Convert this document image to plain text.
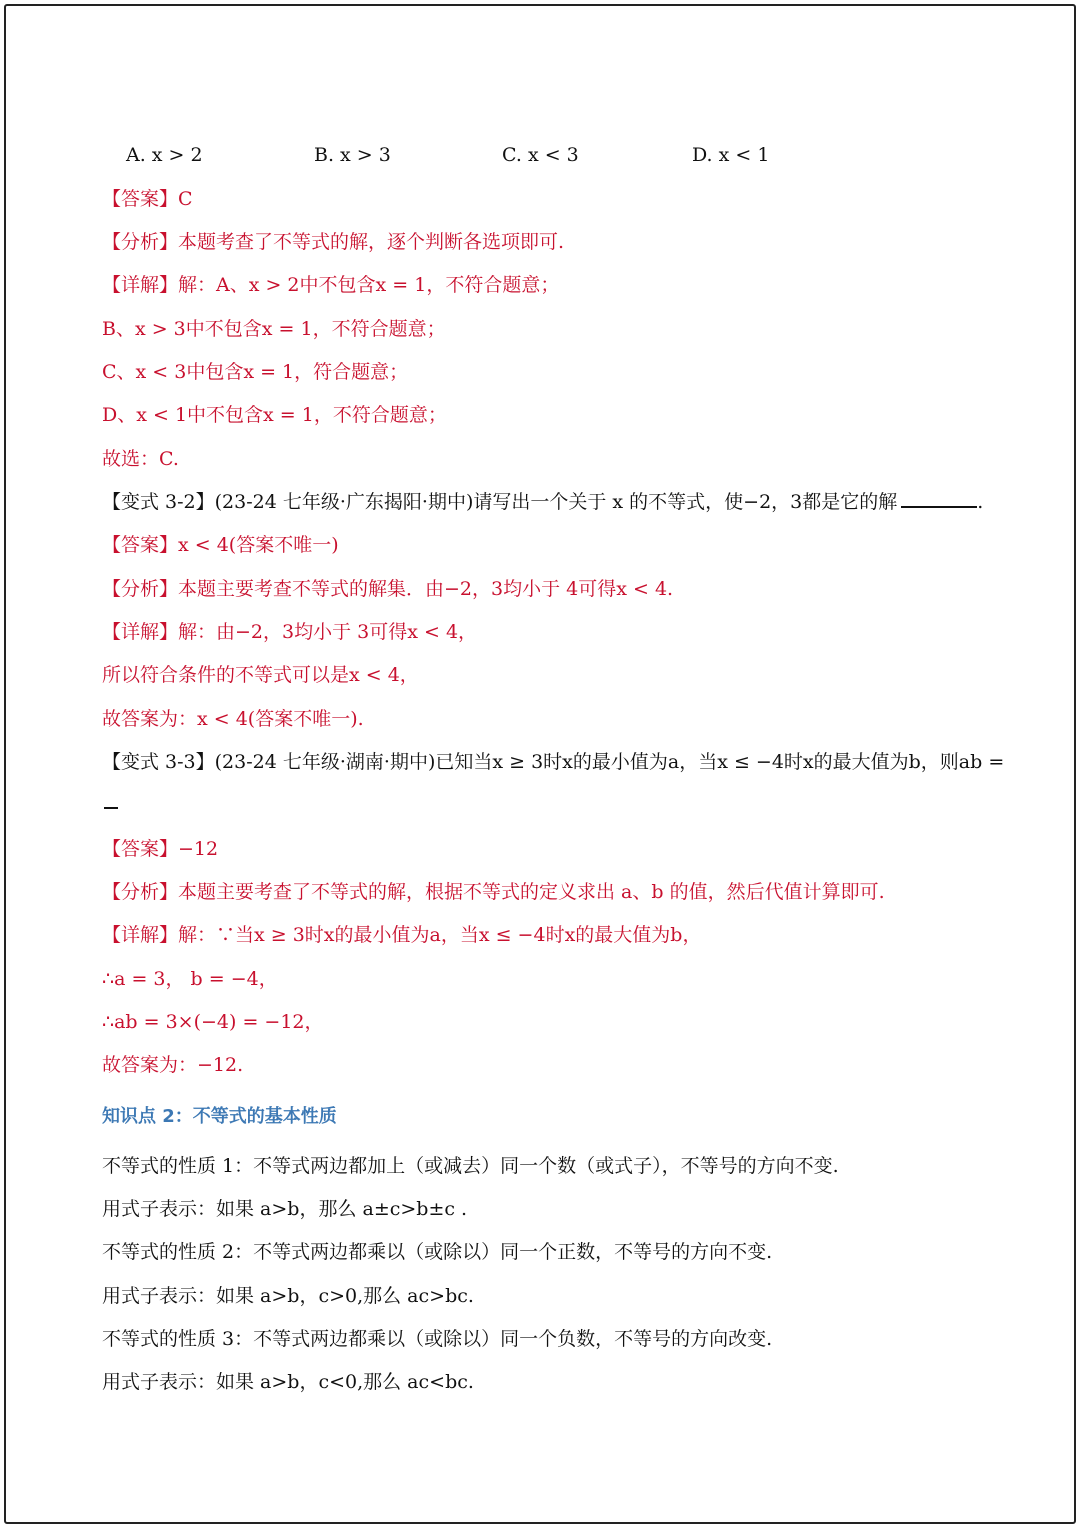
A. x > 2	B. x > 3	C. x < 3	D. x < 1
【答案】C
【分析】本题考查了不等式的解，逐个判断各选项即可.
【详解】解：A、x > 2中不包含x = 1，不符合题意；
B、x > 3中不包含x = 1，不符合题意；
C、x < 3中包含x = 1，符合题意；
D、x < 1中不包含x = 1，不符合题意；
故选：C.
【变式 3-2】(23-24 七年级·广东揭阳·期中)请写出一个关于 x 的不等式，使−2，3都是它的解	.
【答案】x < 4(答案不唯一)
【分析】本题主要考查不等式的解集．由−2，3均小于 4可得x < 4.
【详解】解：由−2，3均小于 3可得x < 4，
所以符合条件的不等式可以是x < 4，
故答案为：x < 4(答案不唯一).
【变式 3-3】(23-24 七年级·湖南·期中)已知当x ≥ 3时x的最小值为a，当x ≤ −4时x的最大值为b，则ab =
【答案】−12
【分析】本题主要考查了不等式的解，根据不等式的定义求出 a、b 的值，然后代值计算即可.
【详解】解：∵当x ≥ 3时x的最小值为a，当x ≤ −4时x的最大值为b，
∴a = 3， b = −4，
∴ab = 3×(−4) = −12，
故答案为：−12.
知识点 2：不等式的基本性质
不等式的性质 1：不等式两边都加上（或减去）同一个数（或式子），不等号的方向不变.
用式子表示：如果 a>b，那么 a±c>b±c .
不等式的性质 2：不等式两边都乘以（或除以）同一个正数，不等号的方向不变.
用式子表示：如果 a>b，c>0,那么 ac>bc.
不等式的性质 3：不等式两边都乘以（或除以）同一个负数，不等号的方向改变.
用式子表示：如果 a>b，c<0,那么 ac<bc.
